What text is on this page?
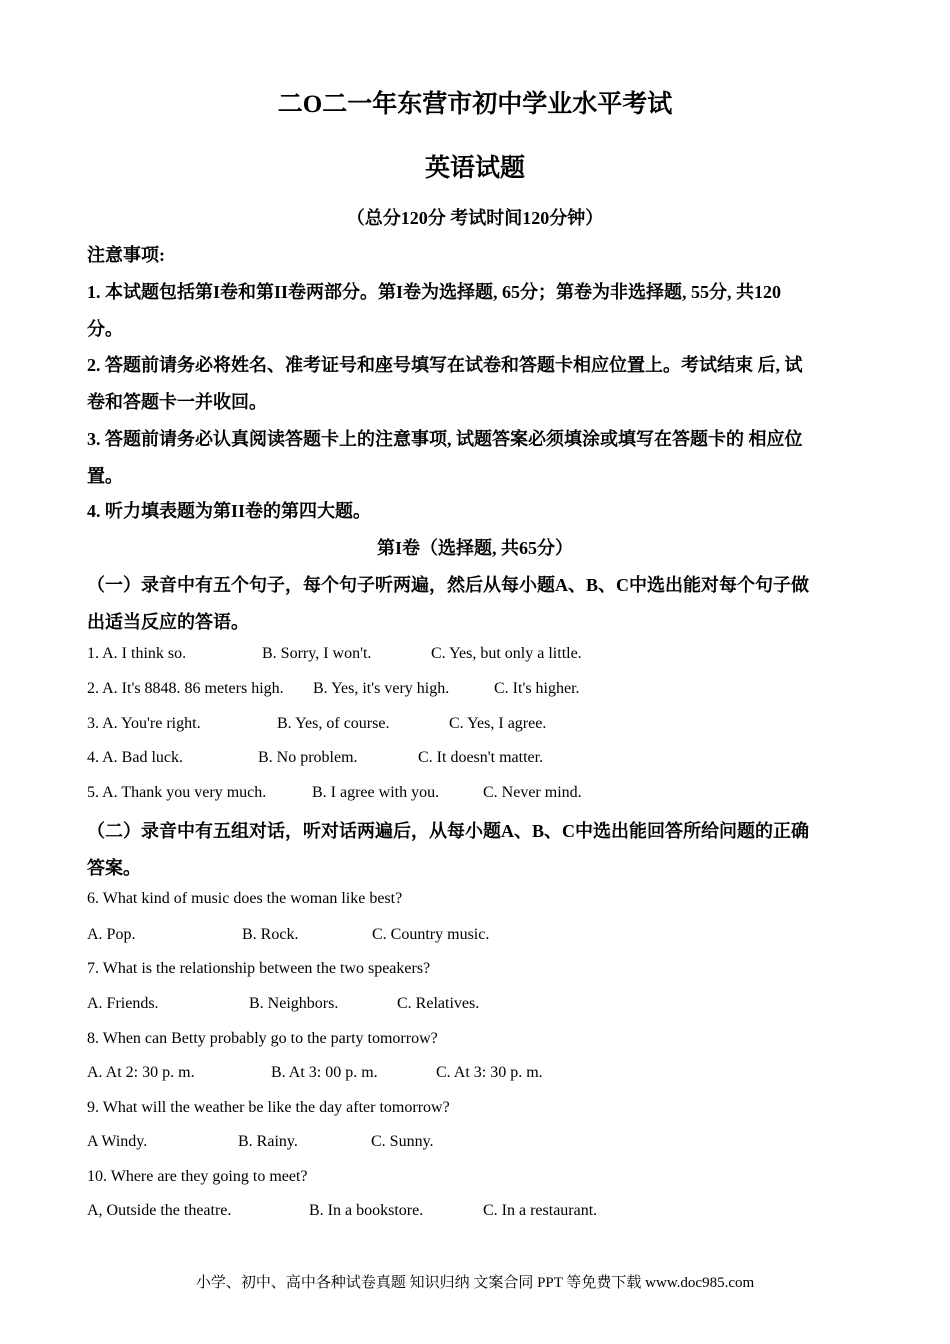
二O二一年东营市初中学业水平考试
英语试题
（总分120分 考试时间120分钟）
注意事项:
1. 本试题包括第I卷和第II卷两部分。第I卷为选择题, 65分；第卷为非选择题, 55分, 共120
分。
2. 答题前请务必将姓名、准考证号和座号填写在试卷和答题卡相应位置上。考试结束 后, 试
卷和答题卡一并收回。
3. 答题前请务必认真阅读答题卡上的注意事项, 试题答案必须填涂或填写在答题卡的 相应位
置。
4. 听力填表题为第II卷的第四大题。
第I卷（选择题, 共65分）
（一）录音中有五个句子，每个句子听两遍，然后从每小题A、B、C中选出能对每个句子做
出适当反应的答语。
1. A. I think so.	B. Sorry, I won't.	C. Yes, but only a little.
2. A. It's 8848. 86 meters high. B. Yes, it's very high.	C. It's higher.
3. A. You're right.	B. Yes, of course.	C. Yes, I agree.
4. A. Bad luck.	B. No problem.	C. It doesn't matter.
5. A. Thank you very much.	B. I agree with you.	C. Never mind.
（二）录音中有五组对话，听对话两遍后，从每小题A、B、C中选出能回答所给问题的正确
答案。
6. What kind of music does the woman like best?
A. Pop.	B. Rock.	C. Country music.
7. What is the relationship between the two speakers?
A. Friends.	B. Neighbors.	C. Relatives.
8. When can Betty probably go to the party tomorrow?
A. At 2: 30 p. m.	B. At 3: 00 p. m.	C. At 3: 30 p. m.
9. What will the weather be like the day after tomorrow?
A Windy.	B. Rainy.	C. Sunny.
10. Where are they going to meet?
A, Outside the theatre.	B. In a bookstore.	C. In a restaurant.
小学、初中、高中各种试卷真题 知识归纳 文案合同 PPT 等免费下载 www.doc985.com
